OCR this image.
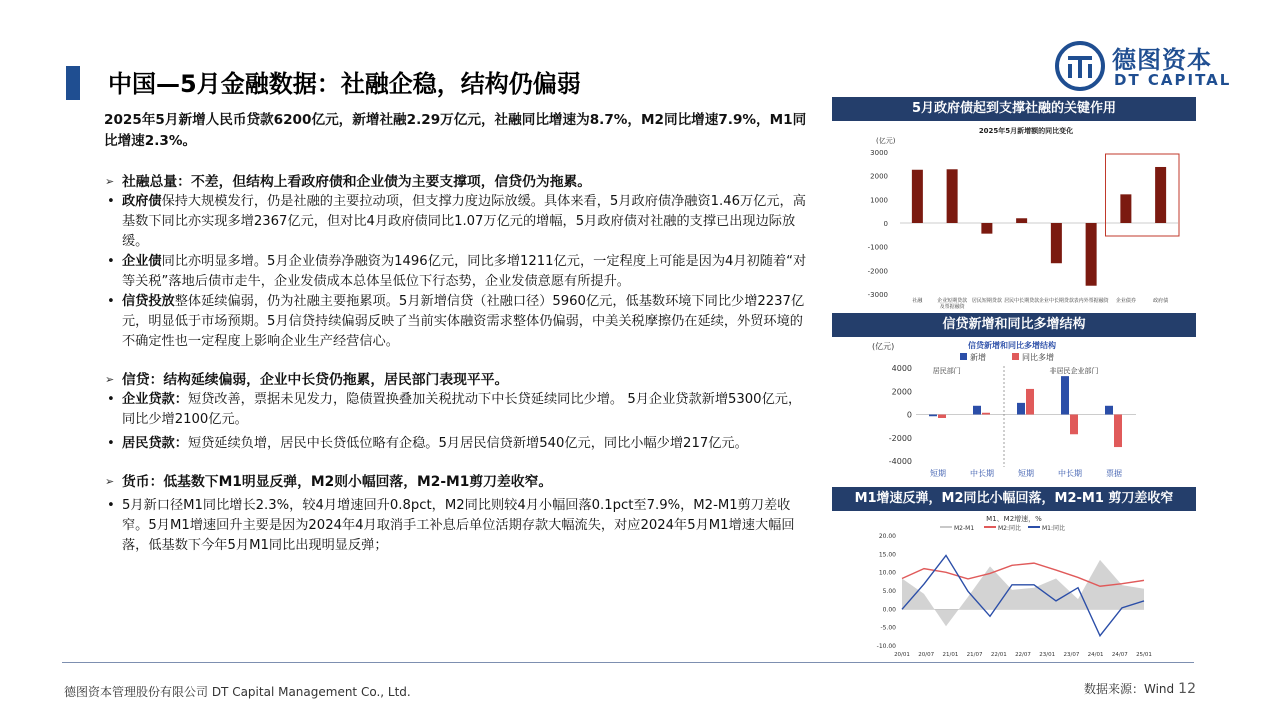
中国—5月金融数据：社融企稳，结构仍偏弱
德图资本
DT CAPITAL

2025年5月新增人民币贷款6200亿元，新增社融2.29万亿元，社融同比增速为8.7%，M2同比增速7.9%，M1同比增速2.3%。

➢ 社融总量：不差，但结构上看政府债和企业债为主要支撑项，信贷仍为拖累。

• 政府债保持大规模发行，仍是社融的主要拉动项，但支撑力度边际放缓。具体来看，5月政府债净融资1.46万亿元，高基数下同比亦实现多增2367亿元，但对比4月政府债同比1.07万亿元的增幅，5月政府债对社融的支撑已出现边际放缓。

• 企业债同比亦明显多增。5月企业债券净融资为1496亿元，同比多增1211亿元，一定程度上可能是因为4月初随着“对等关税”落地后债市走牛，企业发债成本总体呈低位下行态势，企业发债意愿有所提升。

• 信贷投放整体延续偏弱，仍为社融主要拖累项。5月新增信贷（社融口径）5960亿元，低基数环境下同比少增2237亿元，明显低于市场预期。5月信贷持续偏弱反映了当前实体融资需求整体仍偏弱，中美关税摩擦仍在延续，外贸环境的不确定性也一定程度上影响企业生产经营信心。

➢ 信贷：结构延续偏弱，企业中长贷仍拖累，居民部门表现平平。

• 企业贷款：短贷改善，票据未见发力，隐债置换叠加关税扰动下中长贷延续同比少增。 5月企业贷款新增5300亿元，同比少增2100亿元。

• 居民贷款：短贷延续负增，居民中长贷低位略有企稳。5月居民信贷新增540亿元，同比小幅少增217亿元。

➢ 货币：低基数下M1明显反弹，M2则小幅回落，M2-M1剪刀差收窄。

• 5月新口径M1同比增长2.3%，较4月增速回升0.8pct，M2同比则较4月小幅回落0.1pct至7.9%，M2-M1剪刀差收窄。5月M1增速回升主要是因为2024年4月取消手工补息后单位活期存款大幅流失，对应2024年5月M1增速大幅回落，低基数下今年5月M1同比出现明显反弹；

5月政府债起到支撑社融的关键作用
2025年5月新增额的同比变化
(亿元)
3000
2000
1000
0
-1000
-2000
-3000
社融	企业短期贷款
及票据融资
居民短期贷款 居民中长期贷款 企业中长期贷款 表内外票据融资 企业债券	政府债
信贷新增和同比多增结构
信贷新增和同比多增结构
(亿元)
新增	同比多增
4000
2000
0
-2000
-4000
居民部门	非居民企业部门
短期	中长期	短期	中长期	票据
M1增速反弹，M2同比小幅回落，M2-M1 剪刀差收窄
M1、M2增速，%
M2-M1	M2:同比	M1:同比
20.00
15.00
10.00
5.00
0.00
-5.00
-10.00
20/01 20/07 21/01 21/07 22/01 22/07 23/01 23/07 24/01 24/07 25/01
德图资本管理股份有限公司 DT Capital Management Co., Ltd.	数据来源：Wind 12
